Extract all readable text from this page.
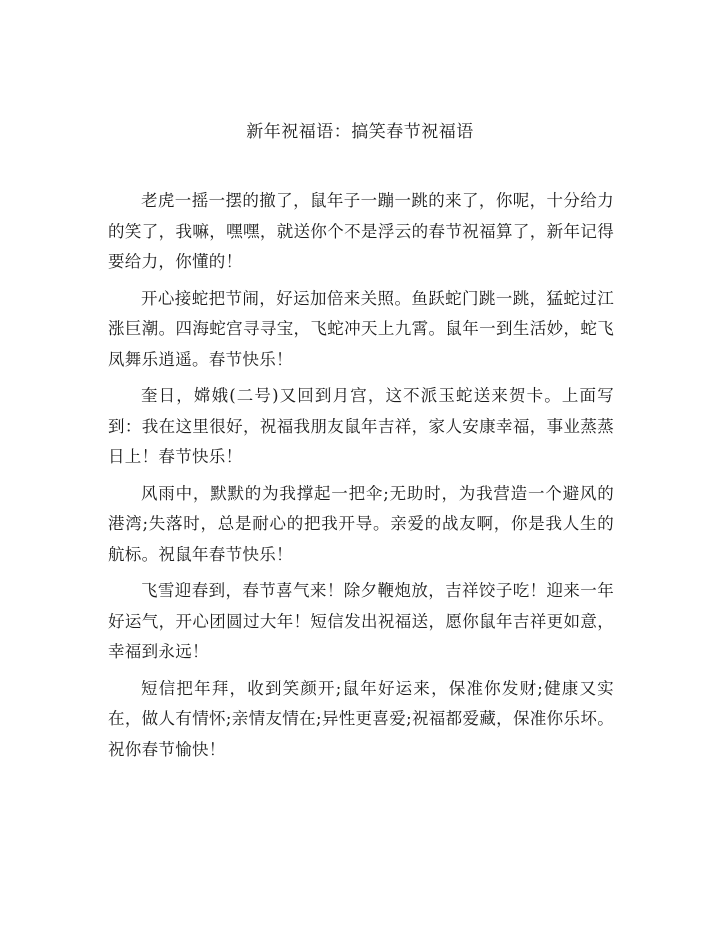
新年祝福语：搞笑春节祝福语

老虎一摇一摆的撤了，鼠年子一蹦一跳的来了，你呢，十分给力的笑了，我嘛，嘿嘿，就送你个不是浮云的春节祝福算了，新年记得要给力，你懂的！

开心接蛇把节闹，好运加倍来关照。鱼跃蛇门跳一跳，猛蛇过江涨巨潮。四海蛇宫寻寻宝，飞蛇冲天上九霄。鼠年一到生活妙，蛇飞凤舞乐逍遥。春节快乐！

奎日，嫦娥(二号)又回到月宫，这不派玉蛇送来贺卡。上面写到：我在这里很好，祝福我朋友鼠年吉祥，家人安康幸福，事业蒸蒸日上！春节快乐！

风雨中，默默的为我撑起一把伞;无助时，为我营造一个避风的港湾;失落时，总是耐心的把我开导。亲爱的战友啊，你是我人生的航标。祝鼠年春节快乐！

飞雪迎春到，春节喜气来！除夕鞭炮放，吉祥饺子吃！迎来一年好运气，开心团圆过大年！短信发出祝福送，愿你鼠年吉祥更如意，幸福到永远！

短信把年拜，收到笑颜开;鼠年好运来，保准你发财;健康又实在，做人有情怀;亲情友情在;异性更喜爱;祝福都爱藏，保准你乐坏。祝你春节愉快！
